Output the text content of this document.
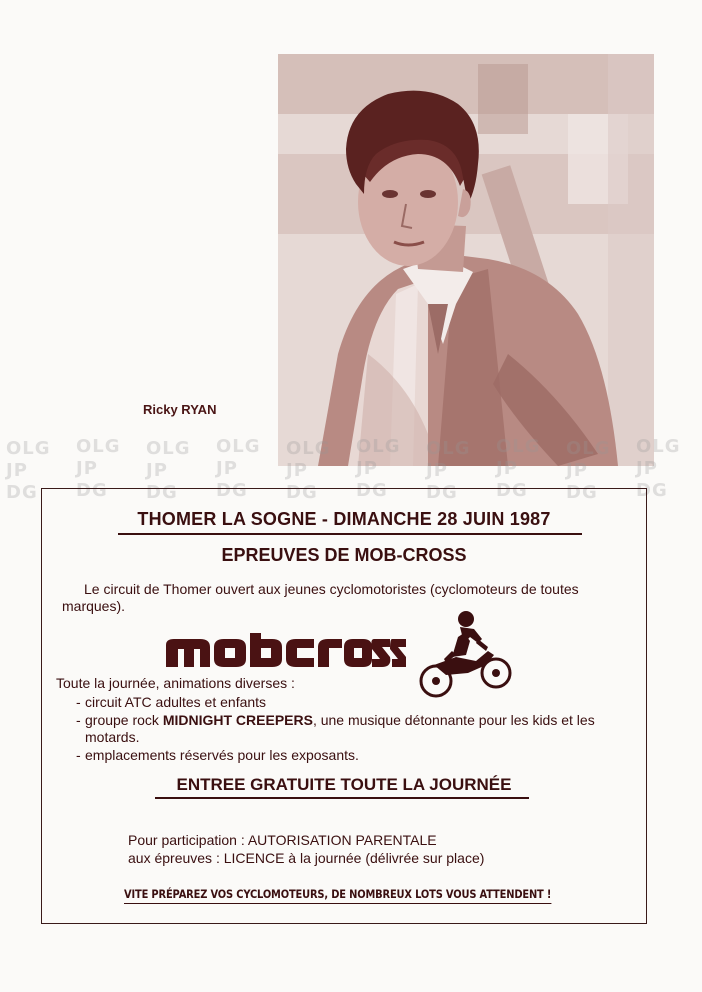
Ricky RYAN
OLG JP DG
OLG JP DG
OLG JP DG
OLG JP DG
OLG JP DG
OLG JP DG
OLG JP DG
OLG JP DG
OLG JP DG
OLG JP DG
THOMER LA SOGNE - DIMANCHE 28 JUIN 1987
EPREUVES DE MOB-CROSS
Le circuit de Thomer ouvert aux jeunes cyclomotoristes (cyclomoteurs de toutes marques).
Toute la journée, animations diverses :
- circuit ATC adultes et enfants
- groupe rock MIDNIGHT CREEPERS, une musique détonnante pour les kids et les motards.
- emplacements réservés pour les exposants.
ENTREE GRATUITE TOUTE LA JOURNÉE
Pour participation : AUTORISATION PARENTALE
aux épreuves : LICENCE à la journée (délivrée sur place)
VITE PRÉPAREZ VOS CYCLOMOTEURS, DE NOMBREUX LOTS VOUS ATTENDENT !
